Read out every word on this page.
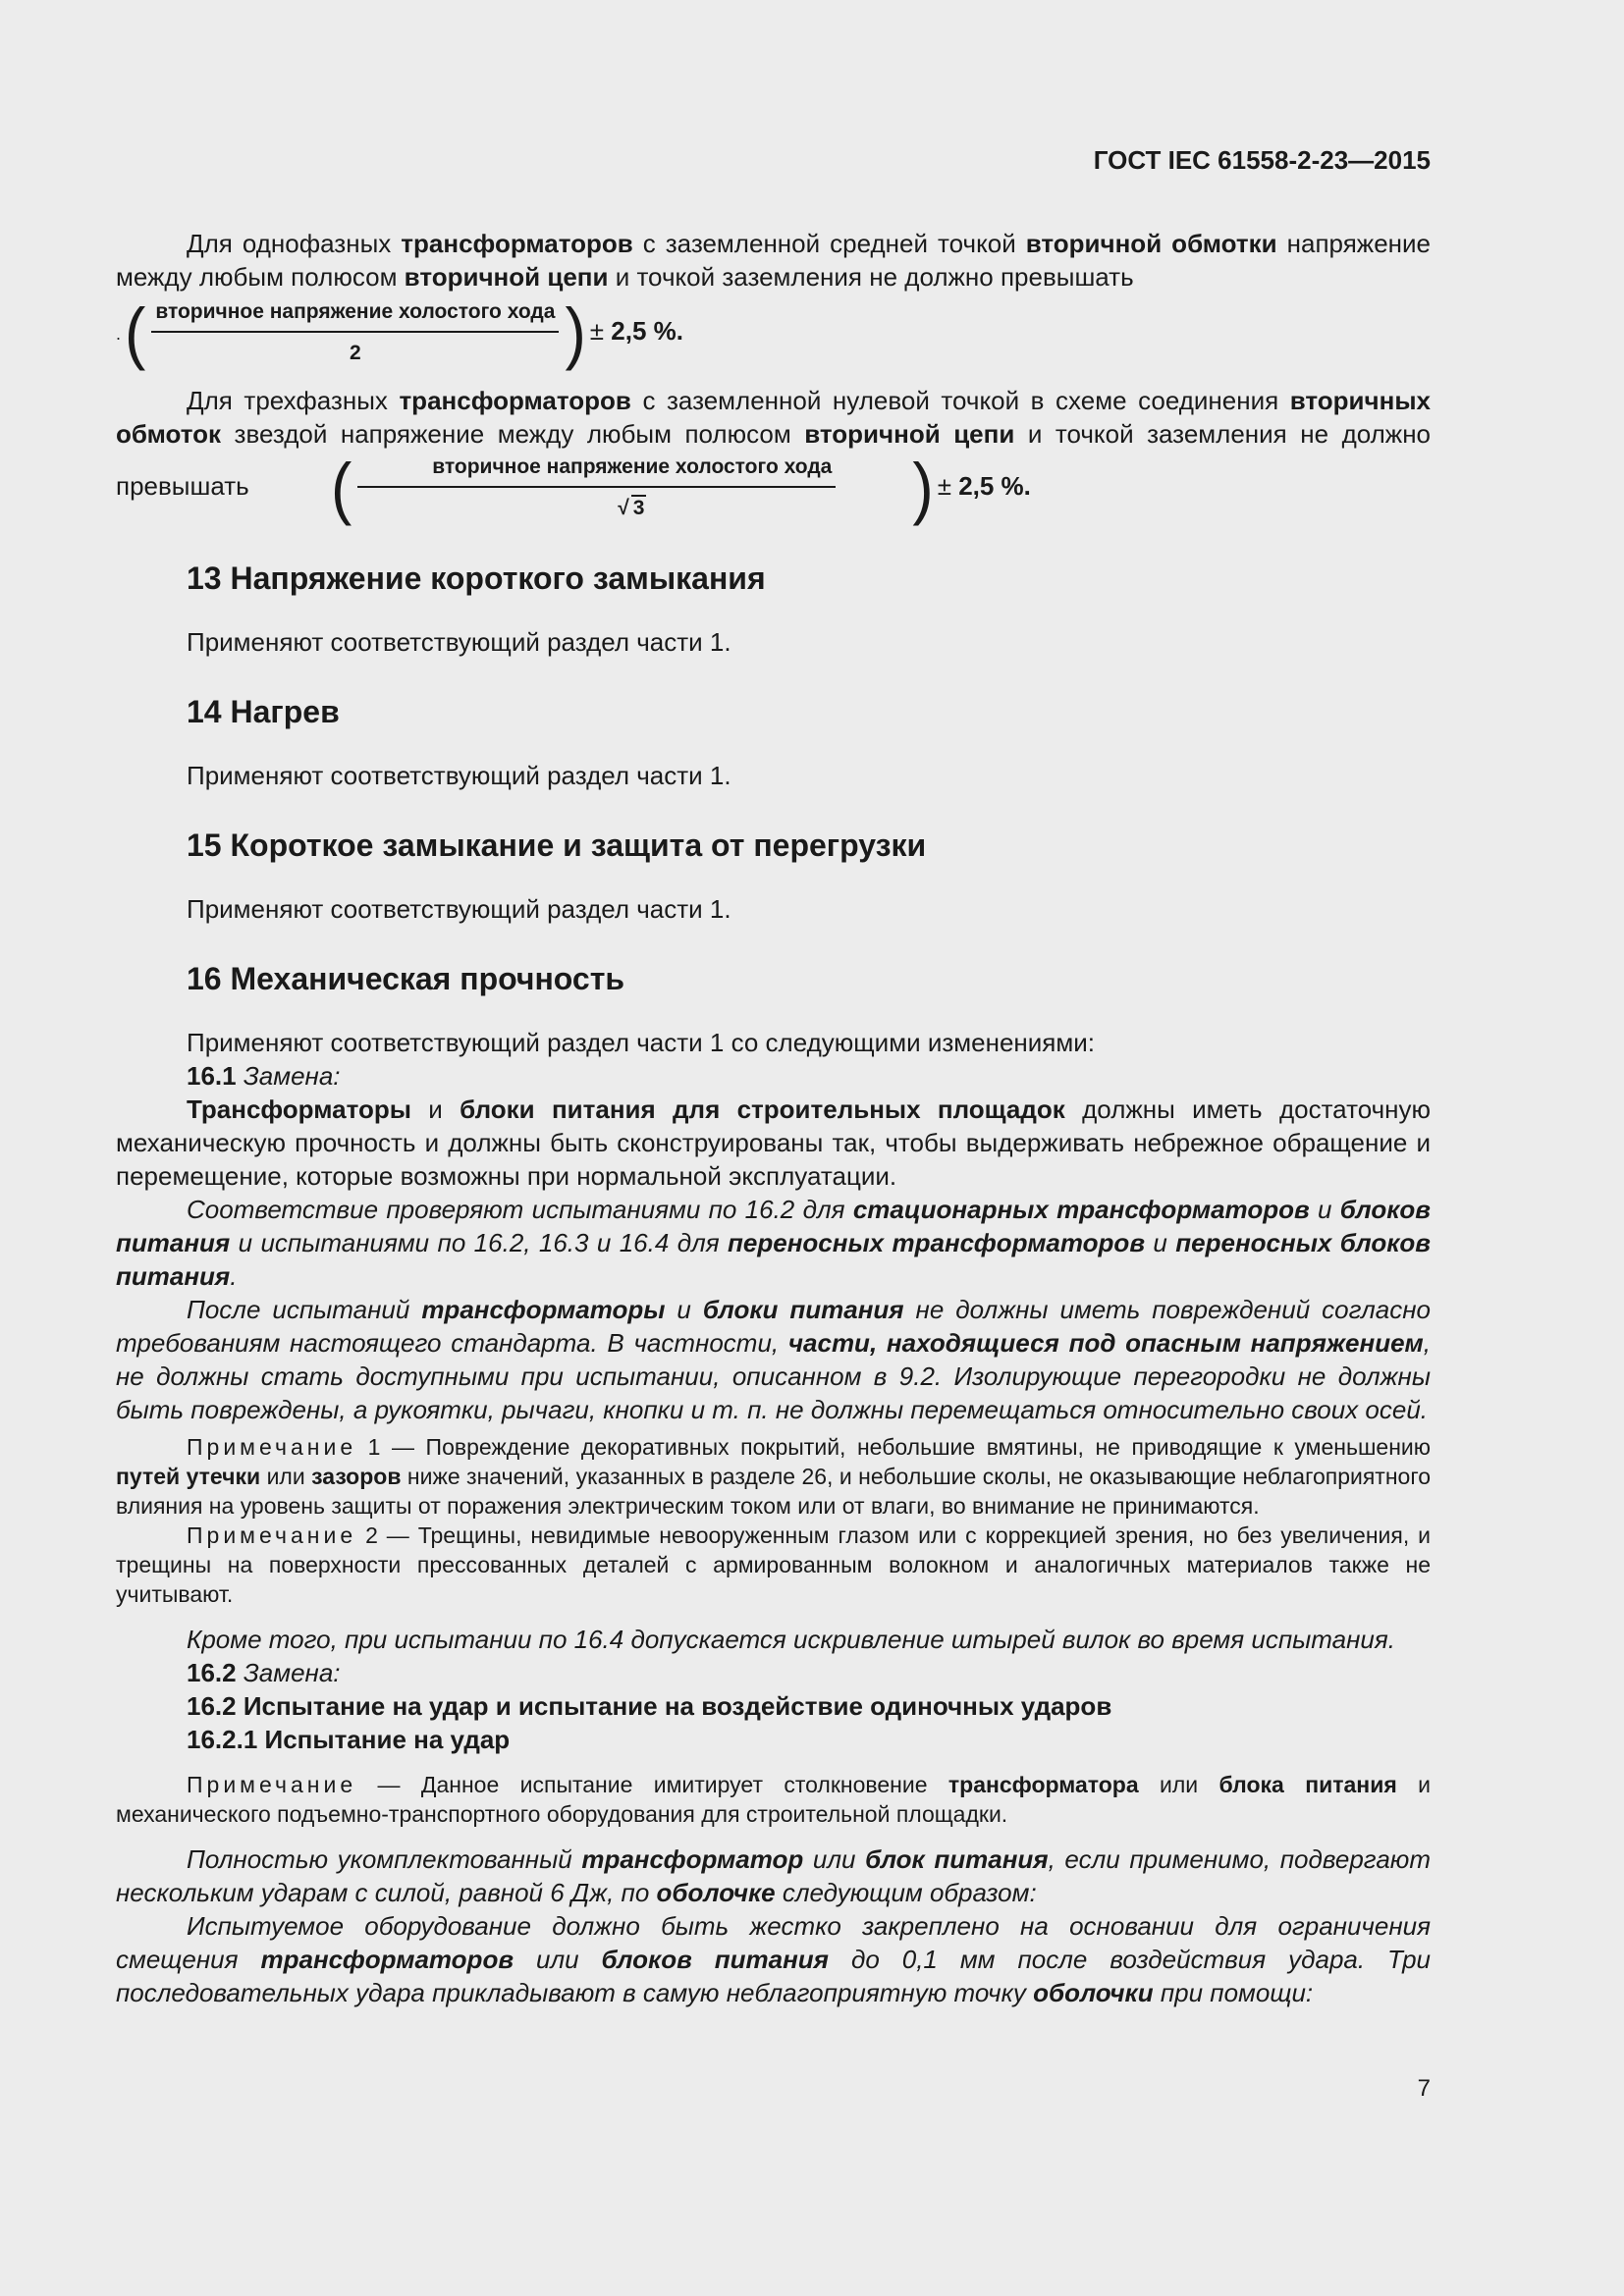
ГОСТ IEC 61558-2-23—2015

Для однофазных трансформаторов с заземленной средней точкой вторичной обмотки напряжение между любым полюсом вторичной цепи и точкой заземления не должно превышать

. ( $\frac{\text{вторичное напряжение холостого хода}}{2}$ ) ± 2,5 %.

Для трехфазных трансформаторов с заземленной нулевой точкой в схеме соединения вторичных обмоток звездой напряжение между любым полюсом вторичной цепи и точкой заземления не должно превышать	( $\frac{\text{вторичное напряжение холостого хода}}{√ 3}$	) ± 2,5 %.

13 Напряжение короткого замыкания

Применяют соответствующий раздел части 1.

14 Нагрев

Применяют соответствующий раздел части 1.

15 Короткое замыкание и защита от перегрузки

Применяют соответствующий раздел части 1.

16 Механическая прочность

Применяют соответствующий раздел части 1 со следующими изменениями:

16.1 Замена:

Трансформаторы и блоки питания для строительных площадок должны иметь достаточную механическую прочность и должны быть сконструированы так, чтобы выдерживать небрежное обращение и перемещение, которые возможны при нормальной эксплуатации.

Соответствие проверяют испытаниями по 16.2 для стационарных трансформаторов и блоков питания и испытаниями по 16.2, 16.3 и 16.4 для переносных трансформаторов и переносных блоков питания.

После испытаний трансформаторы и блоки питания не должны иметь повреждений согласно требованиям настоящего стандарта. В частности, части, находящиеся под опасным напряжением, не должны стать доступными при испытании, описанном в 9.2. Изолирующие перегородки не должны быть повреждены, а рукоятки, рычаги, кнопки и т. п. не должны перемещаться относительно своих осей.

Примечание 1 — Повреждение декоративных покрытий, небольшие вмятины, не приводящие к уменьшению путей утечки или зазоров ниже значений, указанных в разделе 26, и небольшие сколы, не оказывающие неблагоприятного влияния на уровень защиты от поражения электрическим током или от влаги, во внимание не принимаются.

Примечание 2 — Трещины, невидимые невооруженным глазом или с коррекцией зрения, но без увеличения, и трещины на поверхности прессованных деталей с армированным волокном и аналогичных материалов также не учитывают.

Кроме того, при испытании по 16.4 допускается искривление штырей вилок во время испытания.

16.2 Замена:

16.2 Испытание на удар и испытание на воздействие одиночных ударов

16.2.1 Испытание на удар

Примечание — Данное испытание имитирует столкновение трансформатора или блока питания и механического подъемно-транспортного оборудования для строительной площадки.

Полностью укомплектованный трансформатор или блок питания, если применимо, подвергают нескольким ударам с силой, равной 6 Дж, по оболочке следующим образом:

Испытуемое оборудование должно быть жестко закреплено на основании для ограничения смещения трансформаторов или блоков питания до 0,1 мм после воздействия удара. Три последовательных удара прикладывают в самую неблагоприятную точку оболочки при помощи:

7
